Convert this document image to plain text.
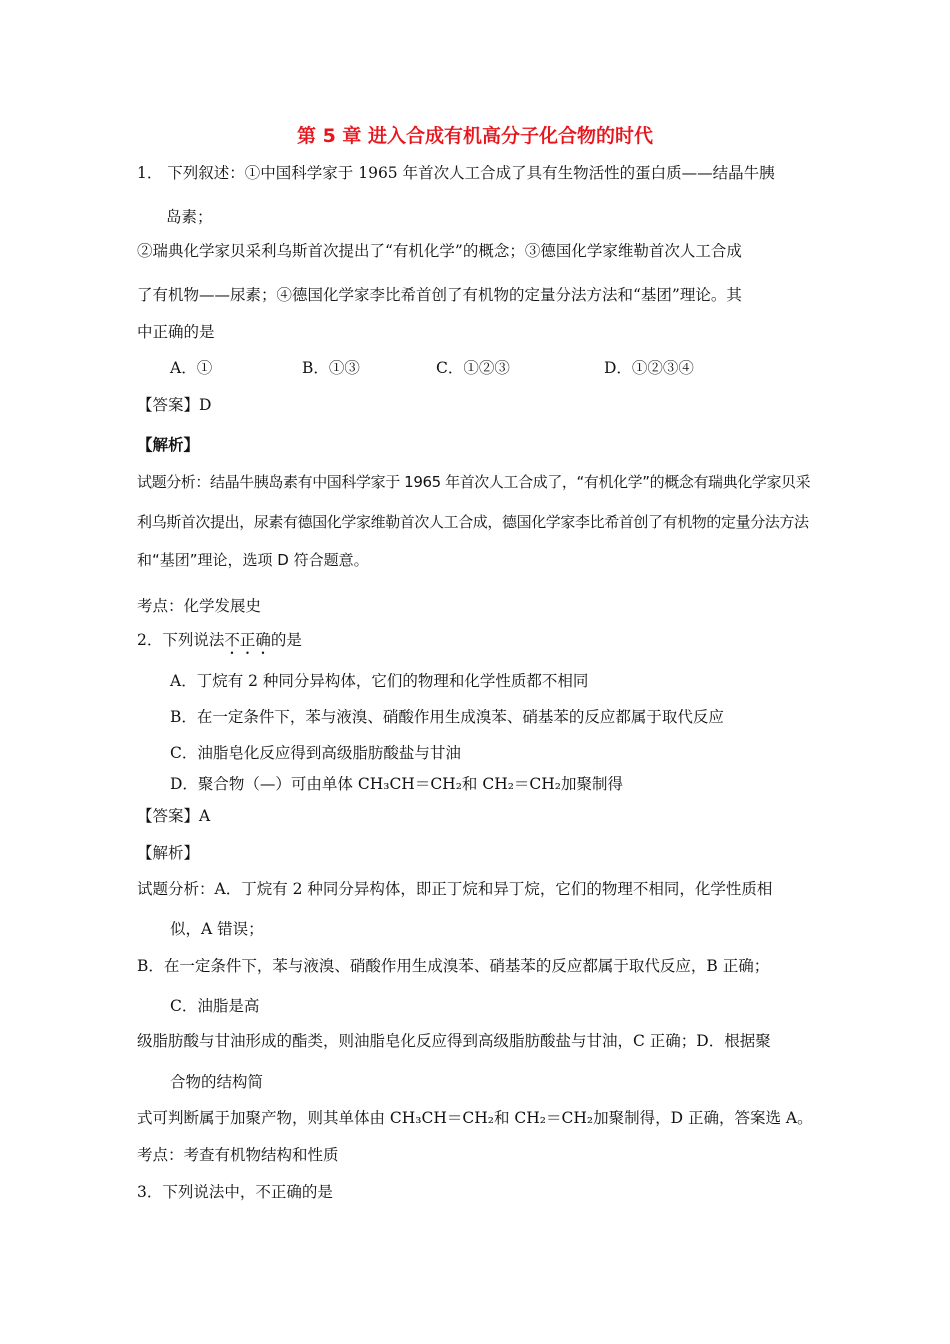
第 5 章 进入合成有机高分子化合物的时代
1． 下列叙述：①中国科学家于 1965 年首次人工合成了具有生物活性的蛋白质——结晶牛胰
岛素；
②瑞典化学家贝采利乌斯首次提出了“有机化学”的概念；③德国化学家维勒首次人工合成
了有机物——尿素；④德国化学家李比希首创了有机物的定量分法方法和“基团”理论。其
中正确的是
A．①	B．①③	C．①②③	D．①②③④
【答案】D
【解析】
试题分析：结晶牛胰岛素有中国科学家于 1965 年首次人工合成了，“有机化学”的概念有瑞典化学家贝采
利乌斯首次提出，尿素有德国化学家维勒首次人工合成，德国化学家李比希首创了有机物的定量分法方法
和“基团”理论，选项 D 符合题意。
考点：化学发展史
2．下列说法不正确的是
A．丁烷有 2 种同分异构体，它们的物理和化学性质都不相同
B．在一定条件下，苯与液溴、硝酸作用生成溴苯、硝基苯的反应都属于取代反应
C．油脂皂化反应得到高级脂肪酸盐与甘油
D．聚合物（—）可由单体 CH₃CH＝CH₂和 CH₂＝CH₂加聚制得
【答案】A
【解析】
试题分析：A．丁烷有 2 种同分异构体，即正丁烷和异丁烷，它们的物理不相同，化学性质相
似，A 错误；
B．在一定条件下，苯与液溴、硝酸作用生成溴苯、硝基苯的反应都属于取代反应，B 正确；
C．油脂是高
级脂肪酸与甘油形成的酯类，则油脂皂化反应得到高级脂肪酸盐与甘油，C 正确；D．根据聚
合物的结构简
式可判断属于加聚产物，则其单体由 CH₃CH＝CH₂和 CH₂＝CH₂加聚制得，D 正确，答案选 A。
考点：考查有机物结构和性质
3．下列说法中，不正确的是
